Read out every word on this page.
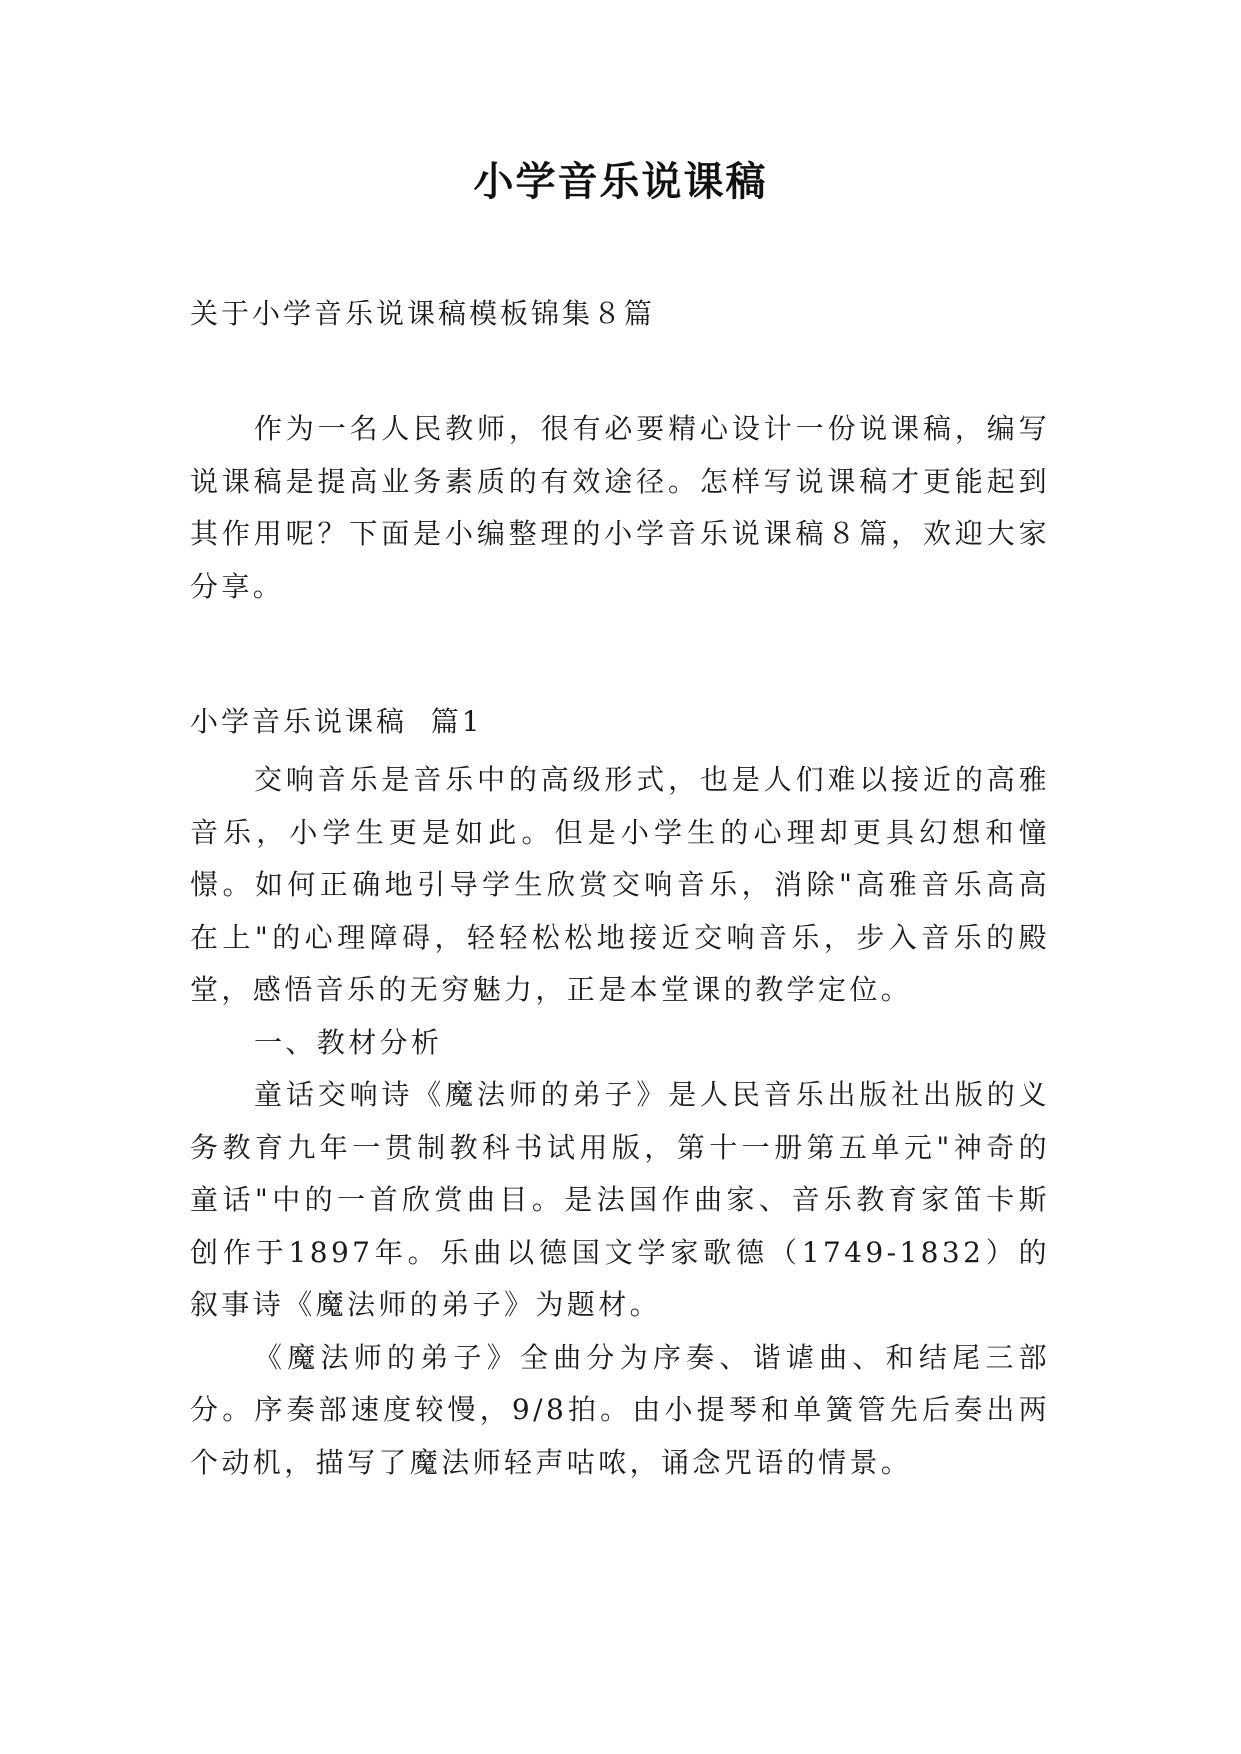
小学音乐说课稿
关于小学音乐说课稿模板锦集８篇

作为一名人民教师，很有必要精心设计一份说课稿，编写说课稿是提高业务素质的有效途径。怎样写说课稿才更能起到其作用呢？下面是小编整理的小学音乐说课稿８篇，欢迎大家分享。

小学音乐说课稿  篇1

交响音乐是音乐中的高级形式，也是人们难以接近的高雅音乐，小学生更是如此。但是小学生的心理却更具幻想和憧憬。如何正确地引导学生欣赏交响音乐，消除"高雅音乐高高在上"的心理障碍，轻轻松松地接近交响音乐，步入音乐的殿堂，感悟音乐的无穷魅力，正是本堂课的教学定位。

一、教材分析

童话交响诗《魔法师的弟子》是人民音乐出版社出版的义务教育九年一贯制教科书试用版，第十一册第五单元"神奇的童话"中的一首欣赏曲目。是法国作曲家、音乐教育家笛卡斯创作于1897年。乐曲以德国文学家歌德（1749-1832）的叙事诗《魔法师的弟子》为题材。

《魔法师的弟子》全曲分为序奏、谐谑曲、和结尾三部分。序奏部速度较慢，9/8拍。由小提琴和单簧管先后奏出两个动机，描写了魔法师轻声咕哝，诵念咒语的情景。
